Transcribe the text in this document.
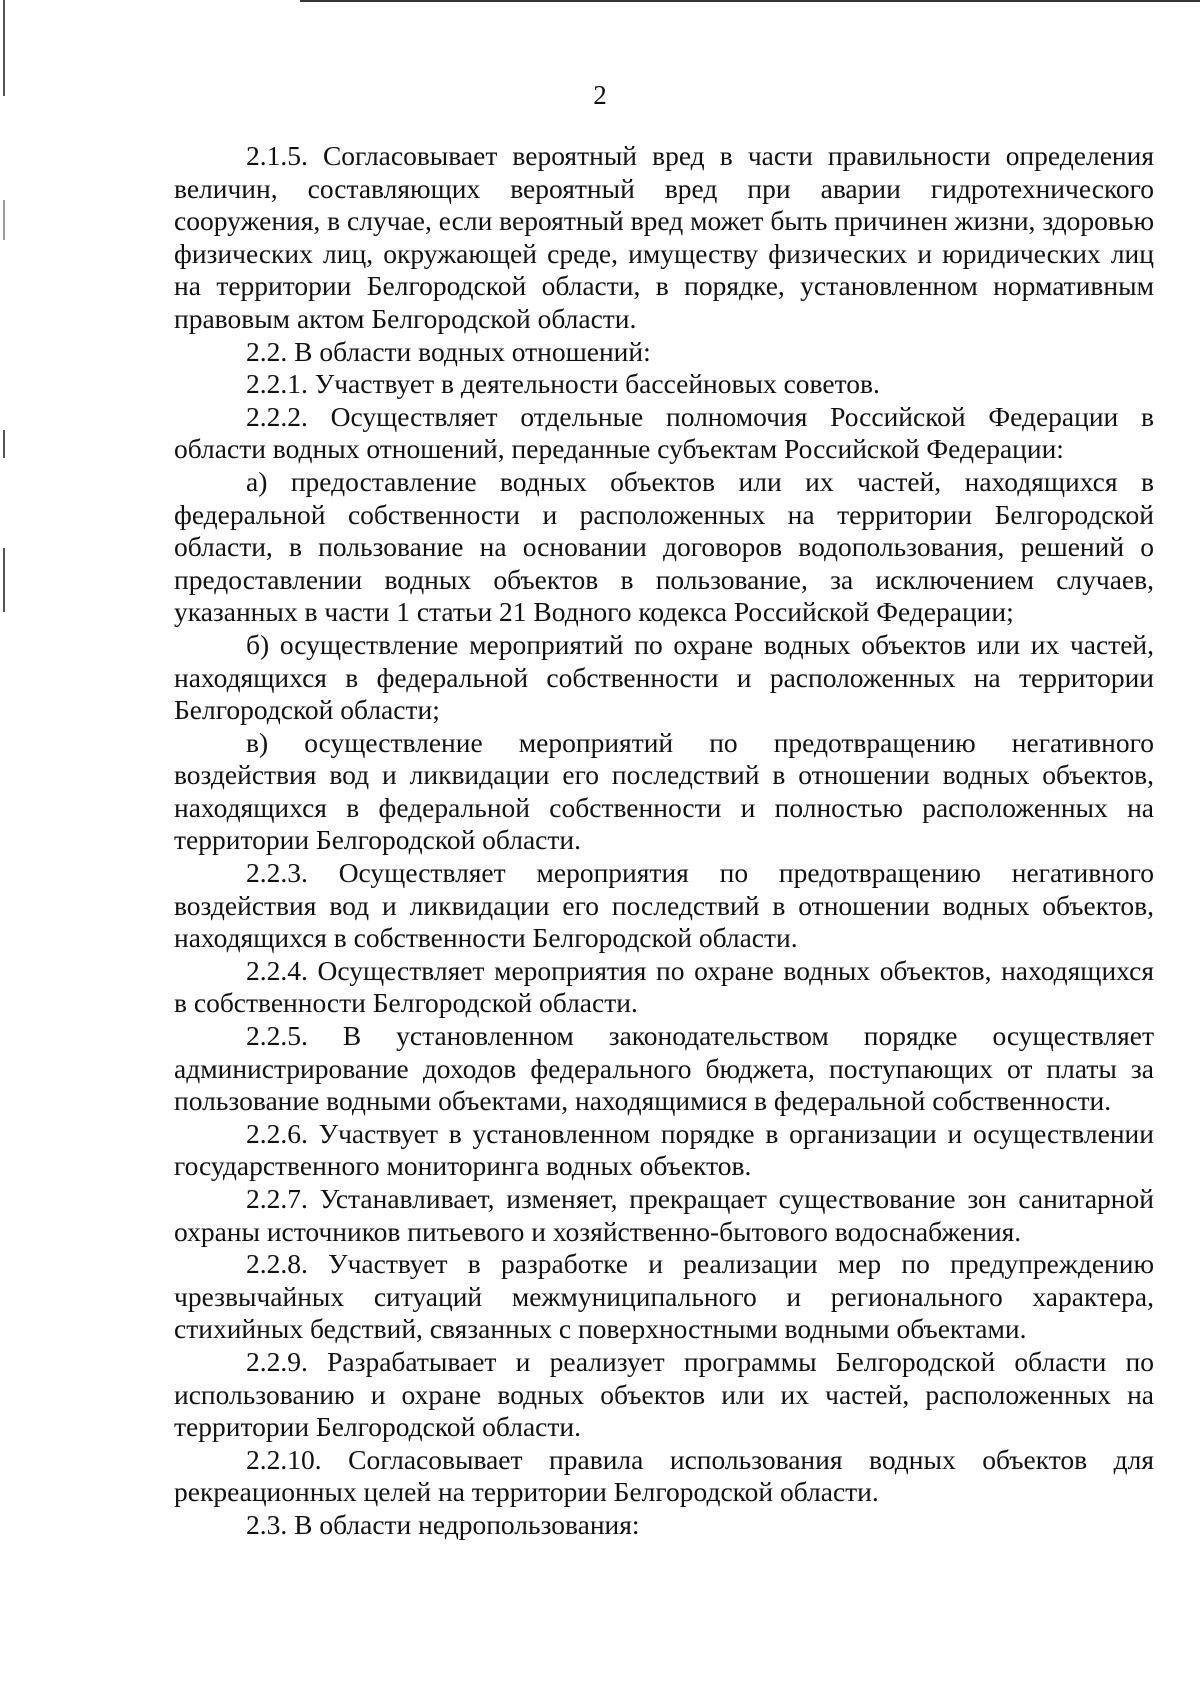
2

2.1.5. Согласовывает вероятный вред в части правильности определения величин, составляющих вероятный вред при аварии гидротехнического сооружения, в случае, если вероятный вред может быть причинен жизни, здоровью физических лиц, окружающей среде, имуществу физических и юридических лиц на территории Белгородской области, в порядке, установленном нормативным правовым актом Белгородской области.

2.2. В области водных отношений:

2.2.1. Участвует в деятельности бассейновых советов.

2.2.2. Осуществляет отдельные полномочия Российской Федерации в области водных отношений, переданные субъектам Российской Федерации:

а) предоставление водных объектов или их частей, находящихся в федеральной собственности и расположенных на территории Белгородской области, в пользование на основании договоров водопользования, решений о предоставлении водных объектов в пользование, за исключением случаев, указанных в части 1 статьи 21 Водного кодекса Российской Федерации;

б) осуществление мероприятий по охране водных объектов или их частей, находящихся в федеральной собственности и расположенных на территории Белгородской области;

в) осуществление мероприятий по предотвращению негативного воздействия вод и ликвидации его последствий в отношении водных объектов, находящихся в федеральной собственности и полностью расположенных на территории Белгородской области.

2.2.3. Осуществляет мероприятия по предотвращению негативного воздействия вод и ликвидации его последствий в отношении водных объектов, находящихся в собственности Белгородской области.

2.2.4. Осуществляет мероприятия по охране водных объектов, находящихся в собственности Белгородской области.

2.2.5. В установленном законодательством порядке осуществляет администрирование доходов федерального бюджета, поступающих от платы за пользование водными объектами, находящимися в федеральной собственности.

2.2.6. Участвует в установленном порядке в организации и осуществлении государственного мониторинга водных объектов.

2.2.7. Устанавливает, изменяет, прекращает существование зон санитарной охраны источников питьевого и хозяйственно-бытового водоснабжения.

2.2.8. Участвует в разработке и реализации мер по предупреждению чрезвычайных ситуаций межмуниципального и регионального характера, стихийных бедствий, связанных с поверхностными водными объектами.

2.2.9. Разрабатывает и реализует программы Белгородской области по использованию и охране водных объектов или их частей, расположенных на территории Белгородской области.

2.2.10. Согласовывает правила использования водных объектов для рекреационных целей на территории Белгородской области.

2.3. В области недропользования:
